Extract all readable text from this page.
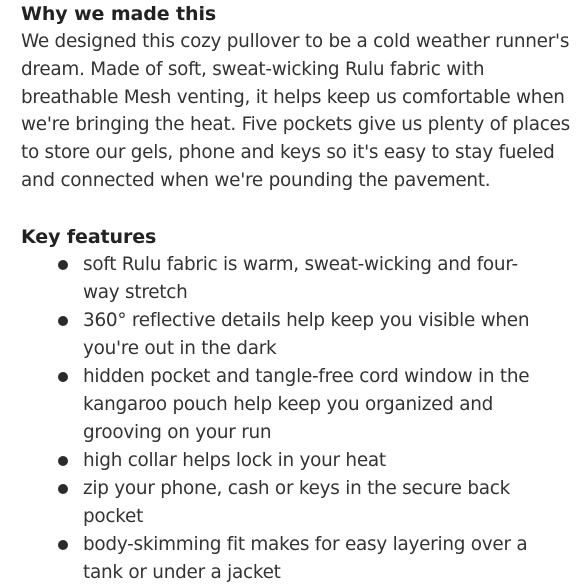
Why we made this

We designed this cozy pullover to be a cold weather runner's dream. Made of soft, sweat-wicking Rulu fabric with breathable Mesh venting, it helps keep us comfortable when we're bringing the heat. Five pockets give us plenty of places to store our gels, phone and keys so it's easy to stay fueled and connected when we're pounding the pavement.

Key features
soft Rulu fabric is warm, sweat-wicking and four-way stretch
360° reflective details help keep you visible when you're out in the dark
hidden pocket and tangle-free cord window in the kangaroo pouch help keep you organized and grooving on your run
high collar helps lock in your heat
zip your phone, cash or keys in the secure back pocket
body-skimming fit makes for easy layering over a tank or under a jacket
